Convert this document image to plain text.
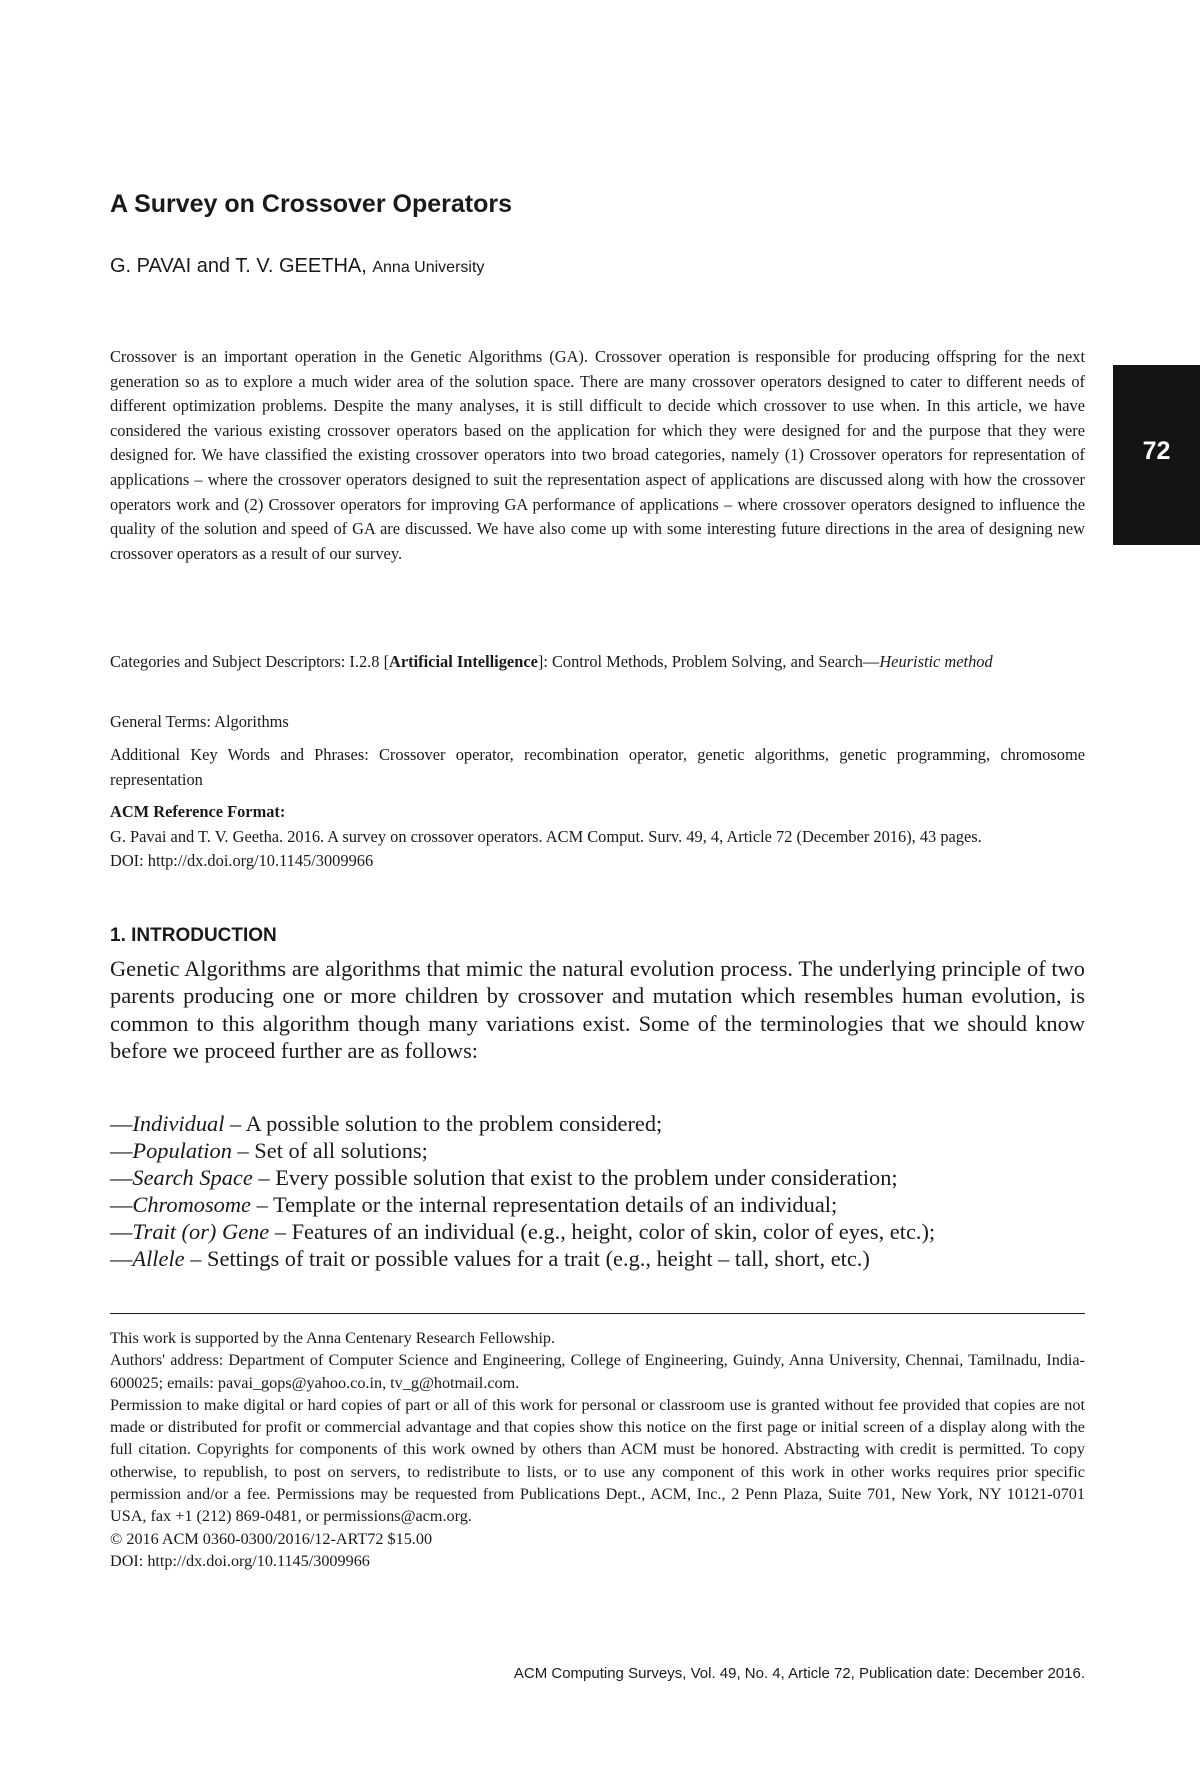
A Survey on Crossover Operators

G. PAVAI and T. V. GEETHA, Anna University

Crossover is an important operation in the Genetic Algorithms (GA). Crossover operation is responsible for producing offspring for the next generation so as to explore a much wider area of the solution space. There are many crossover operators designed to cater to different needs of different optimization problems. Despite the many analyses, it is still difficult to decide which crossover to use when. In this article, we have considered the various existing crossover operators based on the application for which they were designed for and the purpose that they were designed for. We have classified the existing crossover operators into two broad categories, namely (1) Crossover operators for representation of applications – where the crossover operators designed to suit the representation aspect of applications are discussed along with how the crossover operators work and (2) Crossover operators for improving GA performance of applications – where crossover operators designed to influence the quality of the solution and speed of GA are discussed. We have also come up with some interesting future directions in the area of designing new crossover operators as a result of our survey.

Categories and Subject Descriptors: I.2.8 [Artificial Intelligence]: Control Methods, Problem Solving, and Search—Heuristic method

General Terms: Algorithms

Additional Key Words and Phrases: Crossover operator, recombination operator, genetic algorithms, genetic programming, chromosome representation

ACM Reference Format:
G. Pavai and T. V. Geetha. 2016. A survey on crossover operators. ACM Comput. Surv. 49, 4, Article 72 (December 2016), 43 pages.
DOI: http://dx.doi.org/10.1145/3009966
1. INTRODUCTION

Genetic Algorithms are algorithms that mimic the natural evolution process. The underlying principle of two parents producing one or more children by crossover and mutation which resembles human evolution, is common to this algorithm though many variations exist. Some of the terminologies that we should know before we proceed further are as follows:

—Individual – A possible solution to the problem considered;
—Population – Set of all solutions;
—Search Space – Every possible solution that exist to the problem under consideration;
—Chromosome – Template or the internal representation details of an individual;
—Trait (or) Gene – Features of an individual (e.g., height, color of skin, color of eyes, etc.);
—Allele – Settings of trait or possible values for a trait (e.g., height – tall, short, etc.)

This work is supported by the Anna Centenary Research Fellowship.

Authors' address: Department of Computer Science and Engineering, College of Engineering, Guindy, Anna University, Chennai, Tamilnadu, India- 600025; emails: pavai_gops@yahoo.co.in, tv_g@hotmail.com.

Permission to make digital or hard copies of part or all of this work for personal or classroom use is granted without fee provided that copies are not made or distributed for profit or commercial advantage and that copies show this notice on the first page or initial screen of a display along with the full citation. Copyrights for components of this work owned by others than ACM must be honored. Abstracting with credit is permitted. To copy otherwise, to republish, to post on servers, to redistribute to lists, or to use any component of this work in other works requires prior specific permission and/or a fee. Permissions may be requested from Publications Dept., ACM, Inc., 2 Penn Plaza, Suite 701, New York, NY 10121-0701 USA, fax +1 (212) 869-0481, or permissions@acm.org.

© 2016 ACM 0360-0300/2016/12-ART72 $15.00

DOI: http://dx.doi.org/10.1145/3009966

ACM Computing Surveys, Vol. 49, No. 4, Article 72, Publication date: December 2016.

72
